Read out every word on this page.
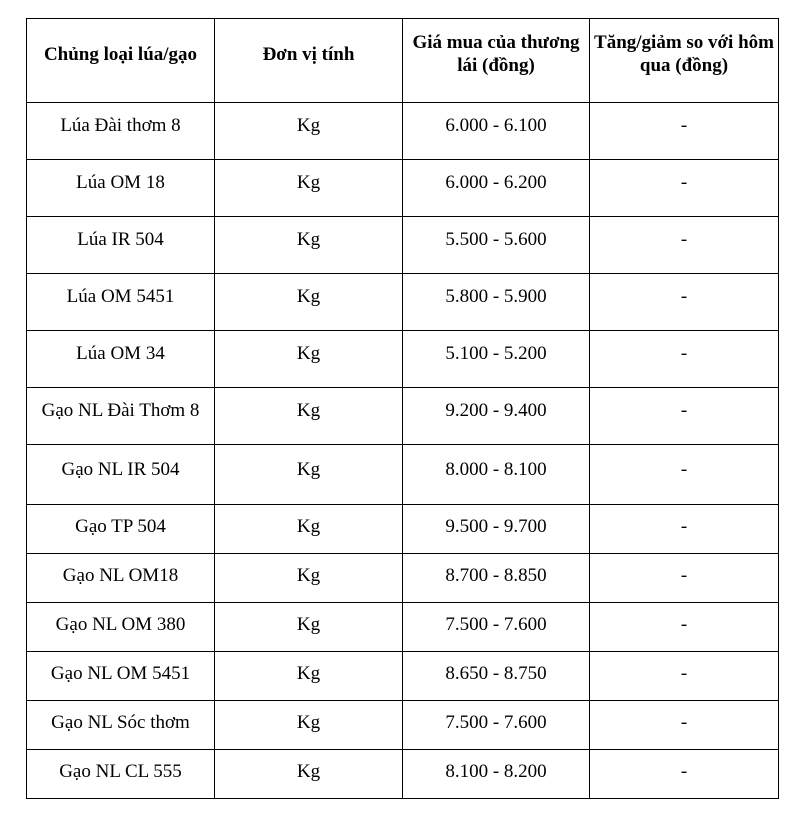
Chủng loại lúa/gạo	Đơn vị tính	Giá mua của thương lái (đồng)	Tăng/giảm so với hôm qua (đồng)
Lúa Đài thơm 8	Kg	6.000 - 6.100	-
Lúa OM 18	Kg	6.000 - 6.200	-
Lúa IR 504	Kg	5.500 - 5.600	-
Lúa OM 5451	Kg	5.800 - 5.900	-
Lúa OM 34	Kg	5.100 - 5.200	-
Gạo NL Đài Thơm 8	Kg	9.200 - 9.400	-
Gạo NL IR 504	Kg	8.000 - 8.100	-
Gạo TP 504	Kg	9.500 - 9.700	-
Gạo NL OM18	Kg	8.700 - 8.850	-
Gạo NL OM 380	Kg	7.500 - 7.600	-
Gạo NL OM 5451	Kg	8.650 - 8.750	-
Gạo NL Sóc thơm	Kg	7.500 - 7.600	-
Gạo NL CL 555	Kg	8.100 - 8.200	-
